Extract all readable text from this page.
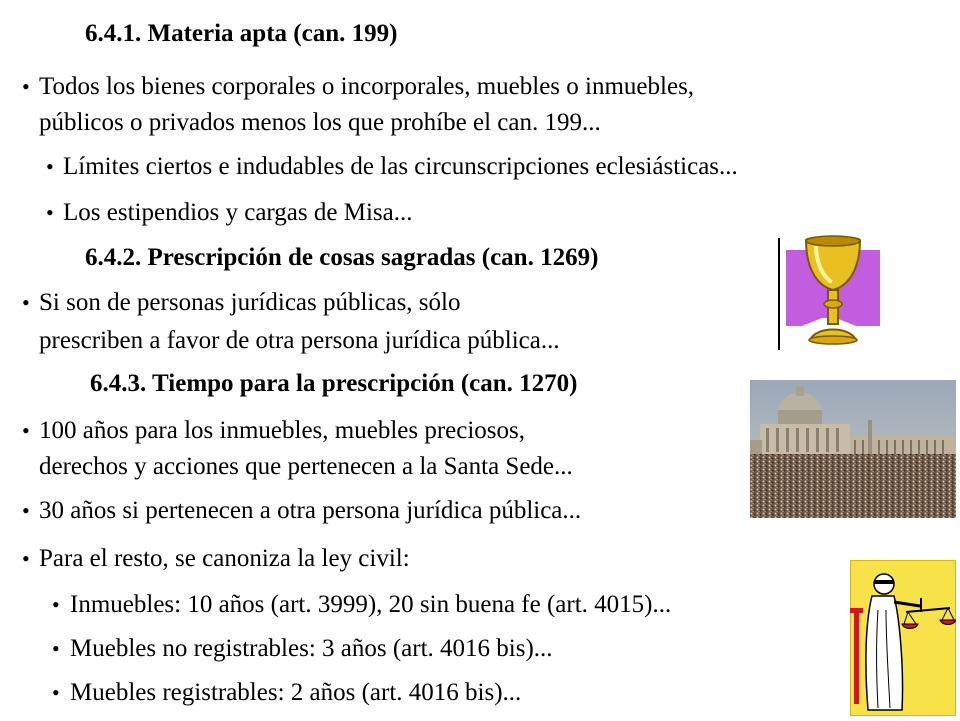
6.4.1. Materia apta (can. 199)
• Todos los bienes corporales o incorporales, muebles o inmuebles,
públicos o privados menos los que prohíbe el can. 199...
• Límites ciertos e indudables de las circunscripciones eclesiásticas...
• Los estipendios y cargas de Misa...
6.4.2. Prescripción de cosas sagradas (can. 1269)
• Si son de personas jurídicas públicas, sólo
prescriben a favor de otra persona jurídica pública...
6.4.3. Tiempo para la prescripción (can. 1270)
• 100 años para los inmuebles, muebles preciosos,
derechos y acciones que pertenecen a la Santa Sede...
• 30 años si pertenecen a otra persona jurídica pública...
• Para el resto, se canoniza la ley civil:
• Inmuebles: 10 años (art. 3999), 20 sin buena fe (art. 4015)...
• Muebles no registrables: 3 años (art. 4016 bis)...
• Muebles registrables: 2 años (art. 4016 bis)...
